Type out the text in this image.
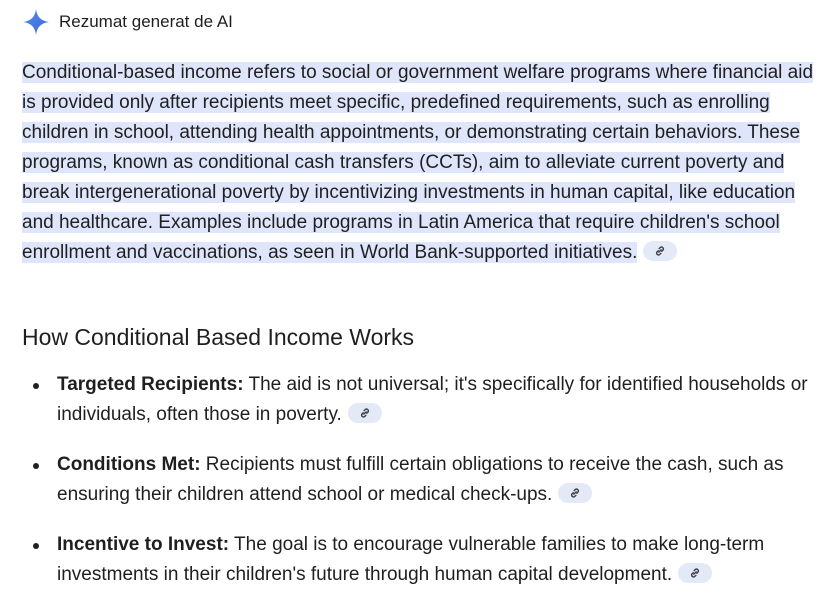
Rezumat generat de AI

Conditional-based income refers to social or government welfare programs where financial aid is provided only after recipients meet specific, predefined requirements, such as enrolling children in school, attending health appointments, or demonstrating certain behaviors. These programs, known as conditional cash transfers (CCTs), aim to alleviate current poverty and break intergenerational poverty by incentivizing investments in human capital, like education and healthcare. Examples include programs in Latin America that require children's school enrollment and vaccinations, as seen in World Bank-supported initiatives.

How Conditional Based Income Works
Targeted Recipients: The aid is not universal; it's specifically for identified households or individuals, often those in poverty.
Conditions Met: Recipients must fulfill certain obligations to receive the cash, such as ensuring their children attend school or medical check-ups.
Incentive to Invest: The goal is to encourage vulnerable families to make long-term investments in their children's future through human capital development.
